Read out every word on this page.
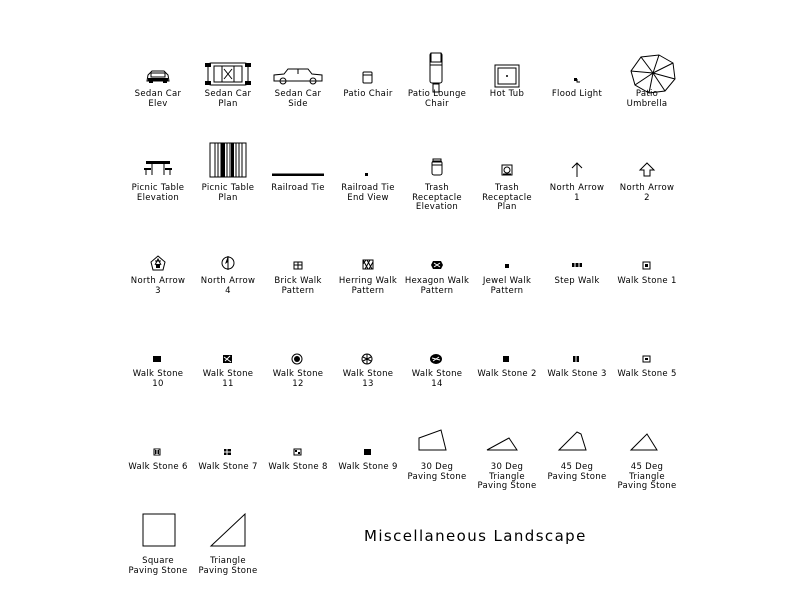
Sedan Car
Elev
Sedan Car
Plan
Sedan Car
Side
Patio Chair	Patio Lounge
Chair
Hot Tub	Flood Light	Patio
Umbrella
Picnic Table
Elevation
Picnic Table
Plan
Railroad Tie	Railroad Tie
End View
Trash
Receptacle
Elevation
Trash
Receptacle
Plan
North Arrow
1
North Arrow
2
North Arrow
3
North Arrow
4
Brick Walk
Pattern
Herring Walk
Pattern
Hexagon Walk
Pattern
Jewel Walk
Pattern
Step Walk	Walk Stone 1
Walk Stone
10
Walk Stone
11
Walk Stone
12
Walk Stone
13
Walk Stone
14
Walk Stone 2	Walk Stone 3	Walk Stone 5
Walk Stone 6	Walk Stone 7	Walk Stone 8	Walk Stone 9	30 Deg
Paving Stone
30 Deg
Triangle
Paving Stone
45 Deg
Paving Stone
45 Deg
Triangle
Paving Stone
Square
Paving Stone
Triangle
Paving Stone
Miscellaneous Landscape
